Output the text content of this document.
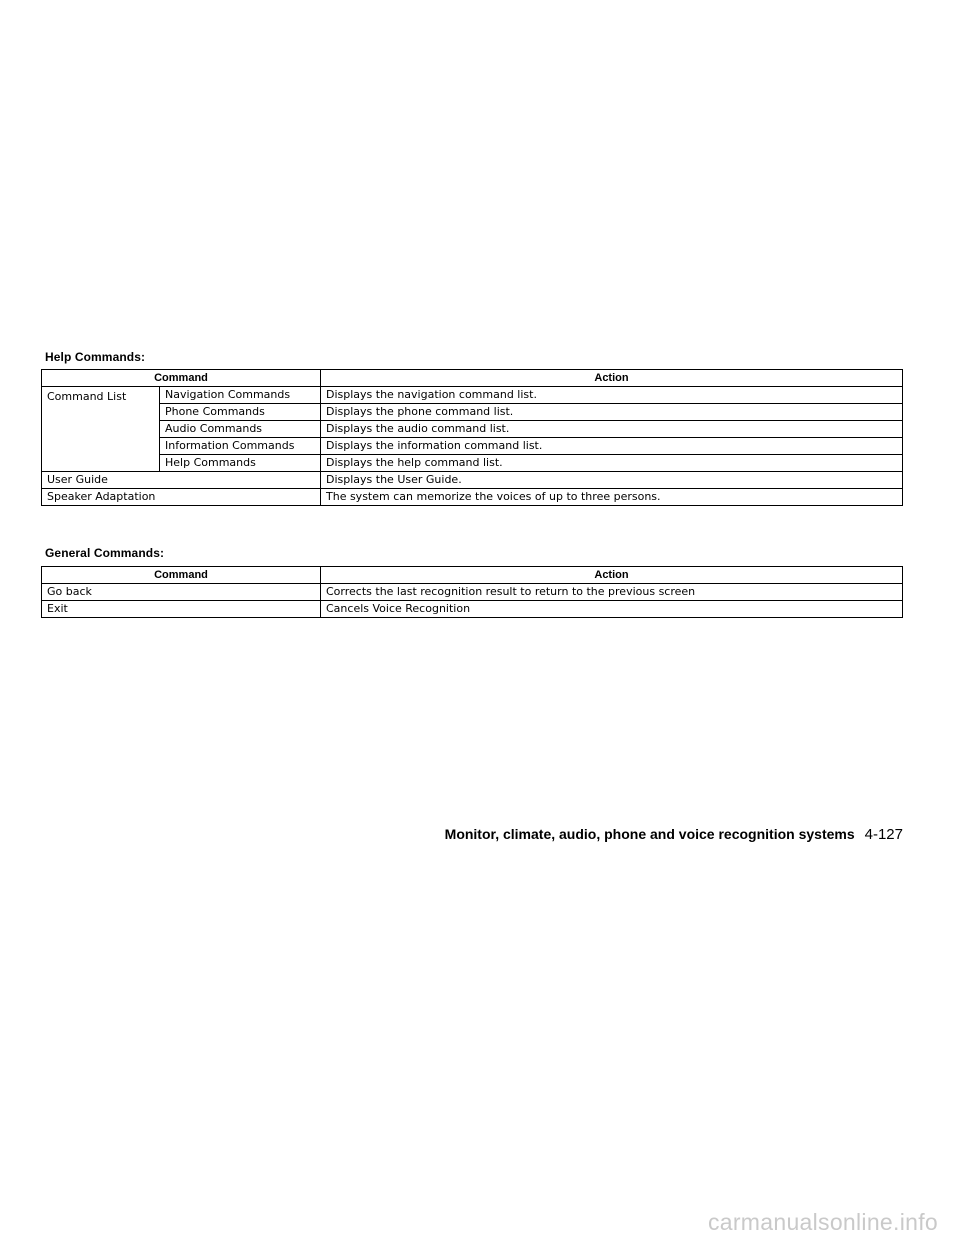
Help Commands:
Command		Action
Command List	Navigation Commands	Displays the navigation command list.
	Phone Commands	Displays the phone command list.
	Audio Commands	Displays the audio command list.
	Information Commands	Displays the information command list.
	Help Commands	Displays the help command list.
User Guide		Displays the User Guide.
Speaker Adaptation		The system can memorize the voices of up to three persons.
General Commands:
Command	Action
Go back	Corrects the last recognition result to return to the previous screen
Exit	Cancels Voice Recognition
Monitor, climate, audio, phone and voice recognition systems 4-127
carmanualsonline.info
